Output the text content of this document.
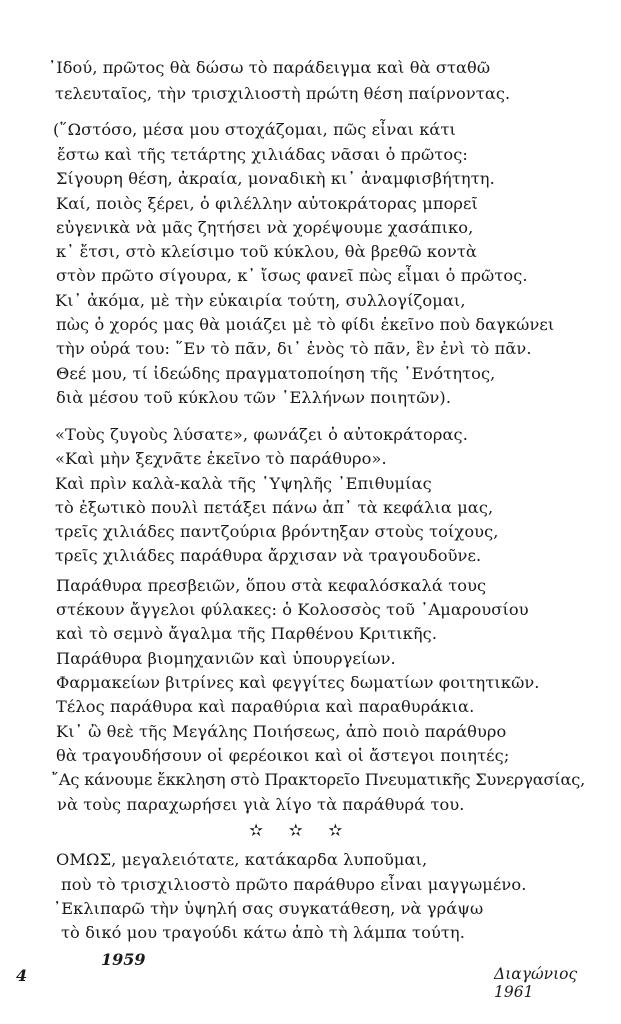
᾿Ιδού, πρῶτος θὰ δώσω τὸ παράδειγμα καὶ θὰ σταθῶ
τελευταῖος, τὴν τρισχιλιοστὴ πρώτη θέση παίρνοντας.
(῞Ωστόσο, μέσα μου στοχάζομαι, πῶς εἶναι κάτι
ἔστω καὶ τῆς τετάρτης χιλιάδας νᾶσαι ὁ πρῶτος:
Σίγουρη θέση, ἀκραία, μοναδικὴ κι᾿ ἀναμφισβήτητη.
Καί, ποιὸς ξέρει, ὁ φιλέλλην αὐτοκράτορας μπορεῖ
εὐγενικὰ νὰ μᾶς ζητήσει νὰ χορέψουμε χασάπικο,
κ᾿ ἔτσι, στὸ κλείσιμο τοῦ κύκλου, θὰ βρεθῶ κοντὰ
στὸν πρῶτο σίγουρα, κ᾿ ἴσως φανεῖ πὼς εἶμαι ὁ πρῶτος.
Κι᾿ ἀκόμα, μὲ τὴν εὐκαιρία τούτη, συλλογίζομαι,
πὼς ὁ χορός μας θὰ μοιάζει μὲ τὸ φίδι ἐκεῖνο ποὺ δαγκώνει
τὴν οὐρά του: ῞Εν τὸ πᾶν, δι᾿ ἑνὸς τὸ πᾶν, ἓν ἐνὶ τὸ πᾶν.
Θεέ μου, τί ἰδεώδης πραγματοποίηση τῆς ῾Ενότητος,
διὰ μέσου τοῦ κύκλου τῶν ῾Ελλήνων ποιητῶν).
«Τοὺς ζυγοὺς λύσατε», φωνάζει ὁ αὐτοκράτορας.
«Καὶ μὴν ξεχνᾶτε ἐκεῖνο τὸ παράθυρο».
Καὶ πρὶν καλὰ-καλὰ τῆς ῾Υψηλῆς ᾿Επιθυμίας
τὸ ἐξωτικὸ πουλὶ πετάξει πάνω ἀπ᾿ τὰ κεφάλια μας,
τρεῖς χιλιάδες παντζούρια βρόντηξαν στοὺς τοίχους,
τρεῖς χιλιάδες παράθυρα ἄρχισαν νὰ τραγουδοῦνε.
Παράθυρα πρεσβειῶν, ὅπου στὰ κεφαλόσκαλά τους
στέκουν ἄγγελοι φύλακες: ὁ Κολοσσὸς τοῦ ᾿Αμαρουσίου
καὶ τὸ σεμνὸ ἄγαλμα τῆς Παρθένου Κριτικῆς.
Παράθυρα βιομηχανιῶν καὶ ὑπουργείων.
Φαρμακείων βιτρίνες καὶ φεγγίτες δωματίων φοιτητικῶν.
Τέλος παράθυρα καὶ παραθύρια καὶ παραθυράκια.
Κι᾿ ὢ θεὲ τῆς Μεγάλης Ποιήσεως, ἀπὸ ποιὸ παράθυρο
θὰ τραγουδήσουν οἱ φερέοικοι καὶ οἱ ἄστεγοι ποιητές;
῎Ας κάνουμε ἔκκληση στὸ Πρακτορεῖο Πνευματικῆς Συνεργασίας,
νὰ τοὺς παραχωρήσει γιὰ λίγο τὰ παράθυρά του.
✫ ✫ ✫
ΟΜΩΣ, μεγαλειότατε, κατάκαρδα λυποῦμαι,
ποὺ τὸ τρισχιλιοστὸ πρῶτο παράθυρο εἶναι μαγγωμένο.
᾿Εκλιπαρῶ τὴν ὑψηλή σας συγκατάθεση, νὰ γράψω
τὸ δικό μου τραγούδι κάτω ἀπὸ τὴ λάμπα τούτη.
1959
4	Διαγώνιος 1961
